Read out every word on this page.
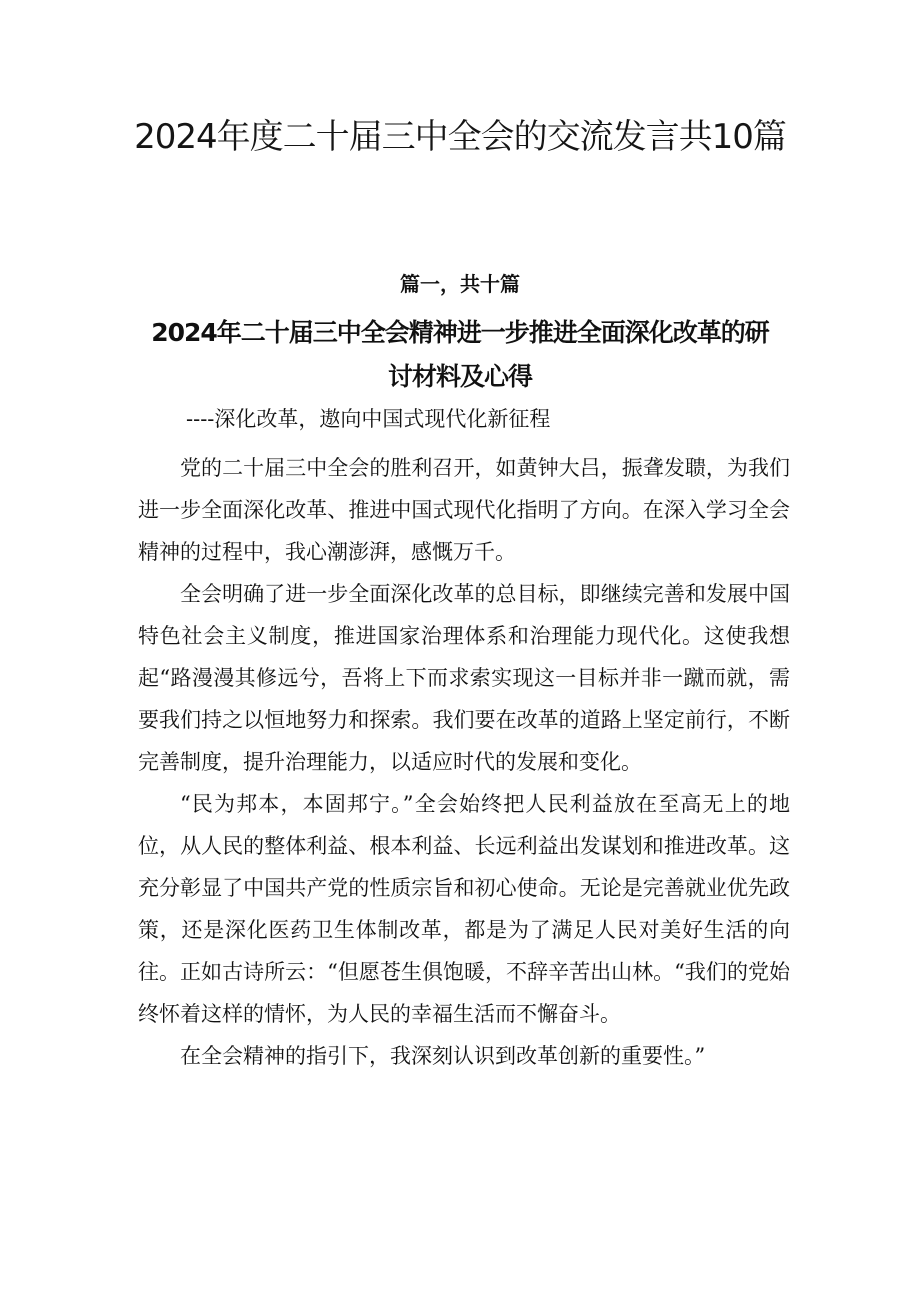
2024年度二十届三中全会的交流发言共10篇
篇一，共十篇
2024年二十届三中全会精神进一步推进全面深化改革的研讨材料及心得
----深化改革，遨向中国式现代化新征程

党的二十届三中全会的胜利召开，如黄钟大吕，振聋发聩，为我们进一步全面深化改革、推进中国式现代化指明了方向。在深入学习全会精神的过程中，我心潮澎湃，感慨万千。

全会明确了进一步全面深化改革的总目标，即继续完善和发展中国特色社会主义制度，推进国家治理体系和治理能力现代化。这使我想起“路漫漫其修远兮，吾将上下而求索实现这一目标并非一蹴而就，需要我们持之以恒地努力和探索。我们要在改革的道路上坚定前行，不断完善制度，提升治理能力，以适应时代的发展和变化。

“民为邦本，本固邦宁。”全会始终把人民利益放在至高无上的地位，从人民的整体利益、根本利益、长远利益出发谋划和推进改革。这充分彰显了中国共产党的性质宗旨和初心使命。无论是完善就业优先政策，还是深化医药卫生体制改革，都是为了满足人民对美好生活的向往。正如古诗所云：“但愿苍生俱饱暖，不辞辛苦出山林。“我们的党始终怀着这样的情怀，为人民的幸福生活而不懈奋斗。

在全会精神的指引下，我深刻认识到改革创新的重要性。”
